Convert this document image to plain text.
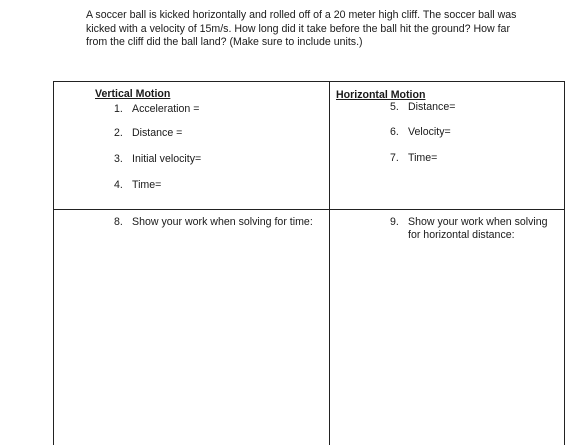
A soccer ball is kicked horizontally and rolled off of a 20 meter high cliff. The soccer ball was kicked with a velocity of 15m/s. How long did it take before the ball hit the ground? How far from the cliff did the ball land? (Make sure to include units.)

Vertical Motion

1. Acceleration =

2. Distance =

3. Initial velocity=

4. Time=

Horizontal Motion

5. Distance=

6. Velocity=

7. Time=

8. Show your work when solving for time:	9. Show your work when solving for horizontal distance:
